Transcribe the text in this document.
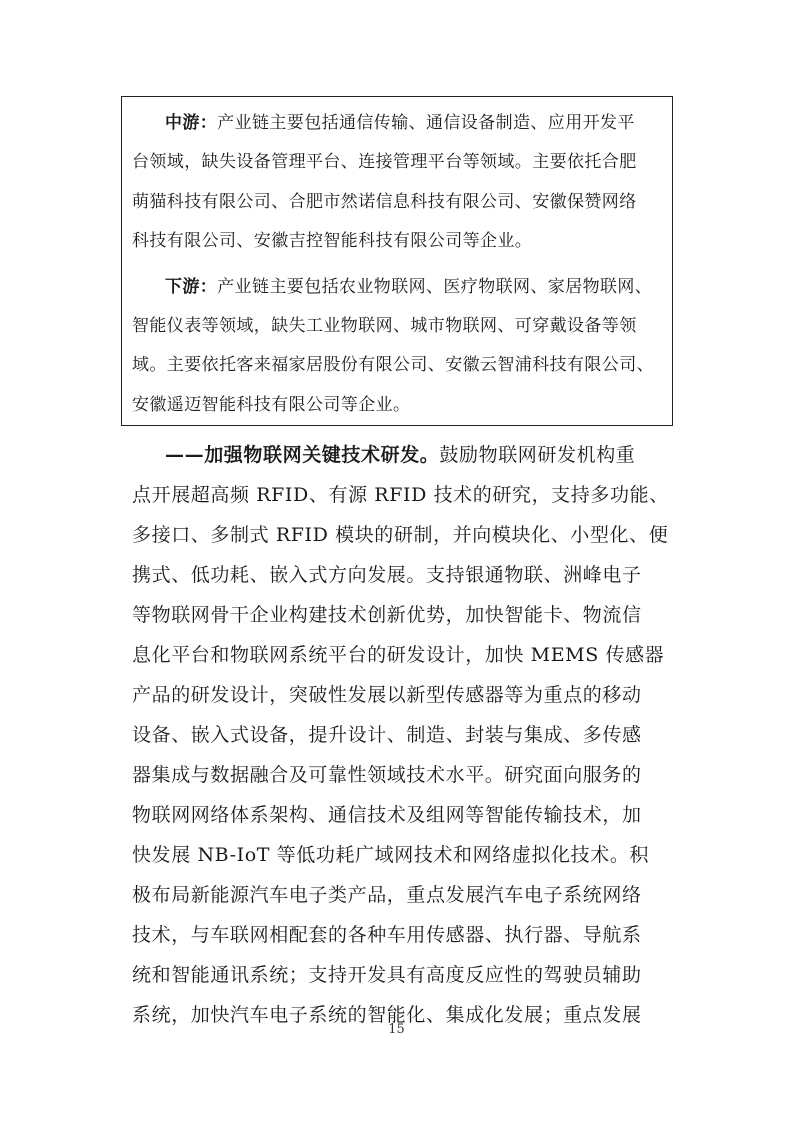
中游：产业链主要包括通信传输、通信设备制造、应用开发平
台领域，缺失设备管理平台、连接管理平台等领域。主要依托合肥
萌猫科技有限公司、合肥市然诺信息科技有限公司、安徽保赞网络
科技有限公司、安徽吉控智能科技有限公司等企业。
下游：产业链主要包括农业物联网、医疗物联网、家居物联网、
智能仪表等领域，缺失工业物联网、城市物联网、可穿戴设备等领
域。主要依托客来福家居股份有限公司、安徽云智浦科技有限公司、
安徽遥迈智能科技有限公司等企业。
——加强物联网关键技术研发。鼓励物联网研发机构重
点开展超高频 RFID、有源 RFID 技术的研究，支持多功能、
多接口、多制式 RFID 模块的研制，并向模块化、小型化、便
携式、低功耗、嵌入式方向发展。支持银通物联、洲峰电子
等物联网骨干企业构建技术创新优势，加快智能卡、物流信
息化平台和物联网系统平台的研发设计，加快 MEMS 传感器
产品的研发设计，突破性发展以新型传感器等为重点的移动
设备、嵌入式设备，提升设计、制造、封装与集成、多传感
器集成与数据融合及可靠性领域技术水平。研究面向服务的
物联网网络体系架构、通信技术及组网等智能传输技术，加
快发展 NB-IoT 等低功耗广域网技术和网络虚拟化技术。积
极布局新能源汽车电子类产品，重点发展汽车电子系统网络
技术，与车联网相配套的各种车用传感器、执行器、导航系
统和智能通讯系统；支持开发具有高度反应性的驾驶员辅助
系统，加快汽车电子系统的智能化、集成化发展；重点发展
15
